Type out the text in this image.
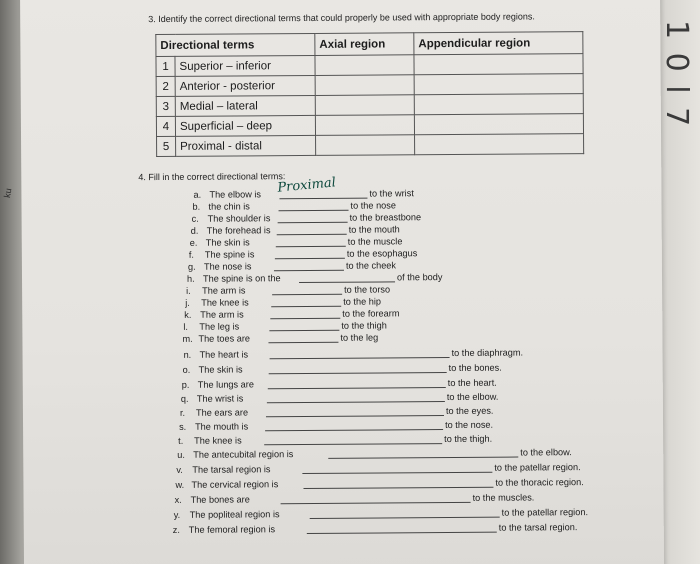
ku
1 0 l 7
3. Identify the correct directional terms that could properly be used with appropriate body regions.
Directional terms		Axial region	Appendicular region
1	Superior – inferior		
2	Anterior - posterior		
3	Medial – lateral		
4	Superficial – deep		
5	Proximal - distal		
4. Fill in the correct directional terms:
Proximal
a. The elbow is	to the wrist
b. the chin is	to the nose
c. The shoulder is	to the breastbone
d. The forehead is	to the mouth
e. The skin is	to the muscle
f.	The spine is	to the esophagus
g. The nose is	to the cheek
h. The spine is on the	of the body
i.	The arm is	to the torso
j.	The knee is	to the hip
k. The arm is	to the forearm
l.	The leg is	to the thigh
m. The toes are	to the leg
n. The heart is	to the diaphragm.
o. The skin is	to the bones.
p. The lungs are	to the heart.
q. The wrist is	to the elbow.
r.	The ears are	to the eyes.
s. The mouth is	to the nose.
t.	The knee is	to the thigh.
u. The antecubital region is	to the elbow.
v.	The tarsal region is	to the patellar region.
w. The cervical region is	to the thoracic region.
x. The bones are	to the muscles.
y.	The popliteal region is	to the patellar region.
z. The femoral region is	to the tarsal region.
